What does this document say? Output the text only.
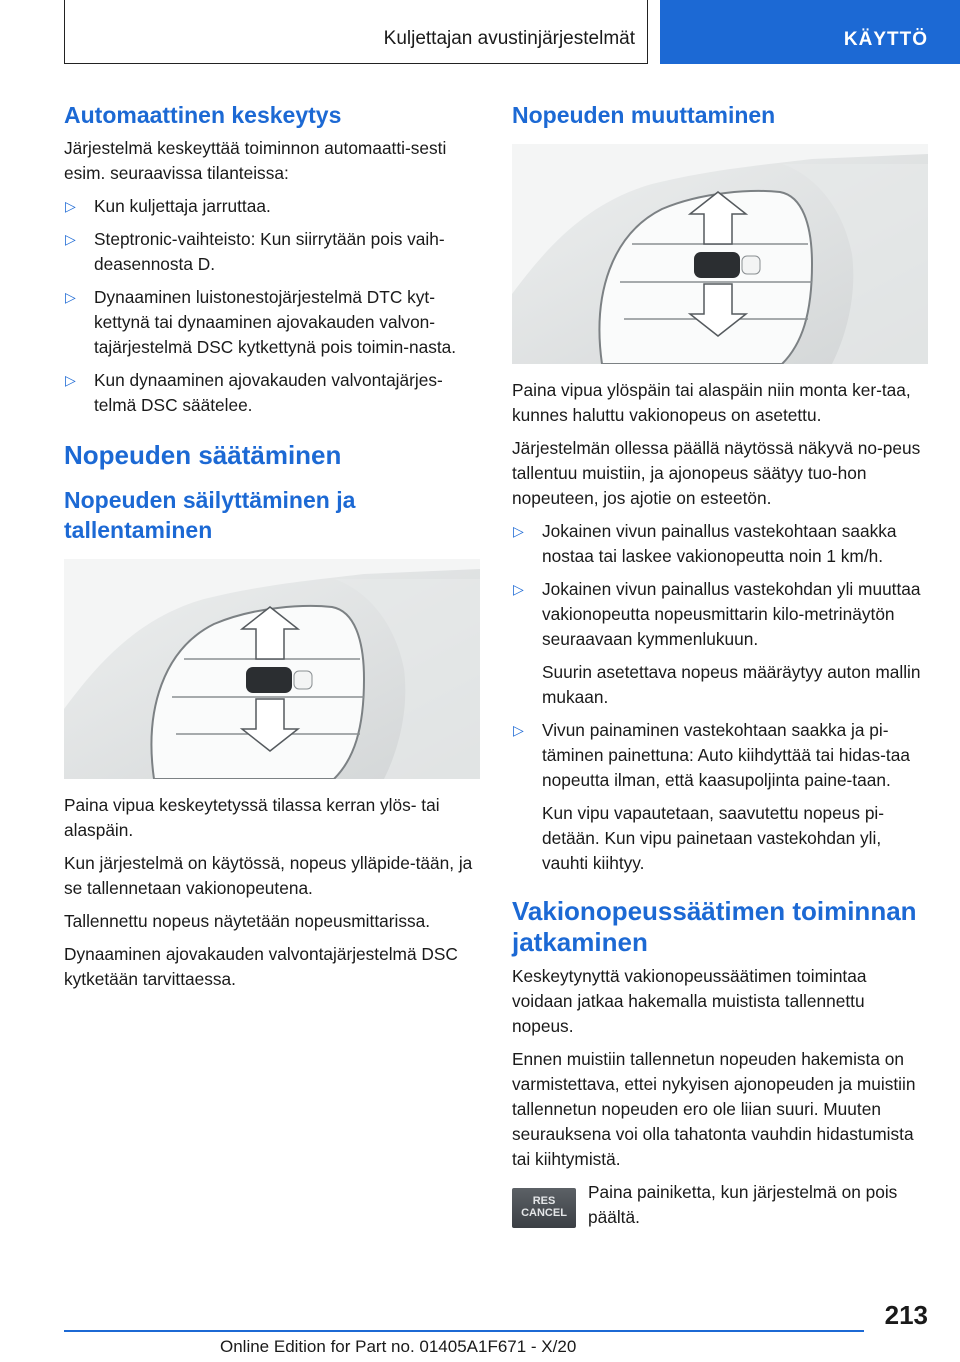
Kuljettajan avustinjärjestelmät	KÄYTTÖ
Automaattinen keskeytys

Järjestelmä keskeyttää toiminnon automaatti‐sesti esim. seuraavissa tilanteissa:

▷ Kun kuljettaja jarruttaa.
▷ Steptronic-vaihteisto: Kun siirrytään pois vaih‐deasennosta D.
▷ Dynaaminen luistonestojärjestelmä DTC kyt‐kettynä tai dynaaminen ajovakauden valvon‐tajärjestelmä DSC kytkettynä pois toimin‐nasta.
▷ Kun dynaaminen ajovakauden valvontajärjes‐telmä DSC säätelee.
Nopeuden säätäminen
Nopeuden säilyttäminen ja tallentaminen

Paina vipua keskeytetyssä tilassa kerran ylös- tai alaspäin.

Kun järjestelmä on käytössä, nopeus ylläpide‐tään, ja se tallennetaan vakionopeutena.

Tallennettu nopeus näytetään nopeusmittarissa.

Dynaaminen ajovakauden valvontajärjestelmä DSC kytketään tarvittaessa.

Nopeuden muuttaminen

Paina vipua ylöspäin tai alaspäin niin monta ker‐taa, kunnes haluttu vakionopeus on asetettu.

Järjestelmän ollessa päällä näytössä näkyvä no‐peus tallentuu muistiin, ja ajonopeus säätyy tuo‐hon nopeuteen, jos ajotie on esteetön.

▷ Jokainen vivun painallus vastekohtaan saakka nostaa tai laskee vakionopeutta noin 1 km/h.
▷ Jokainen vivun painallus vastekohdan yli muuttaa vakionopeutta nopeusmittarin kilo‐metrinäytön seuraavaan kymmenlukuun.

Suurin asetettava nopeus määräytyy auton mallin mukaan.

▷ Vivun painaminen vastekohtaan saakka ja pi‐täminen painettuna: Auto kiihdyttää tai hidas‐taa nopeutta ilman, että kaasupoljinta paine‐taan.

Kun vipu vapautetaan, saavutettu nopeus pi‐detään. Kun vipu painetaan vastekohdan yli, vauhti kiihtyy.

Vakionopeussäätimen toiminnan jatkaminen

Keskeytynyttä vakionopeussäätimen toimintaa voidaan jatkaa hakemalla muistista tallennettu nopeus.

Ennen muistiin tallennetun nopeuden hakemista on varmistettava, ettei nykyisen ajonopeuden ja muistiin tallennetun nopeuden ero ole liian suuri. Muuten seurauksena voi olla tahatonta vauhdin hidastumista tai kiihtymistä.

RES
CANCEL

Paina painiketta, kun järjestelmä on pois päältä.

213
Online Edition for Part no. 01405A1F671 - X/20
